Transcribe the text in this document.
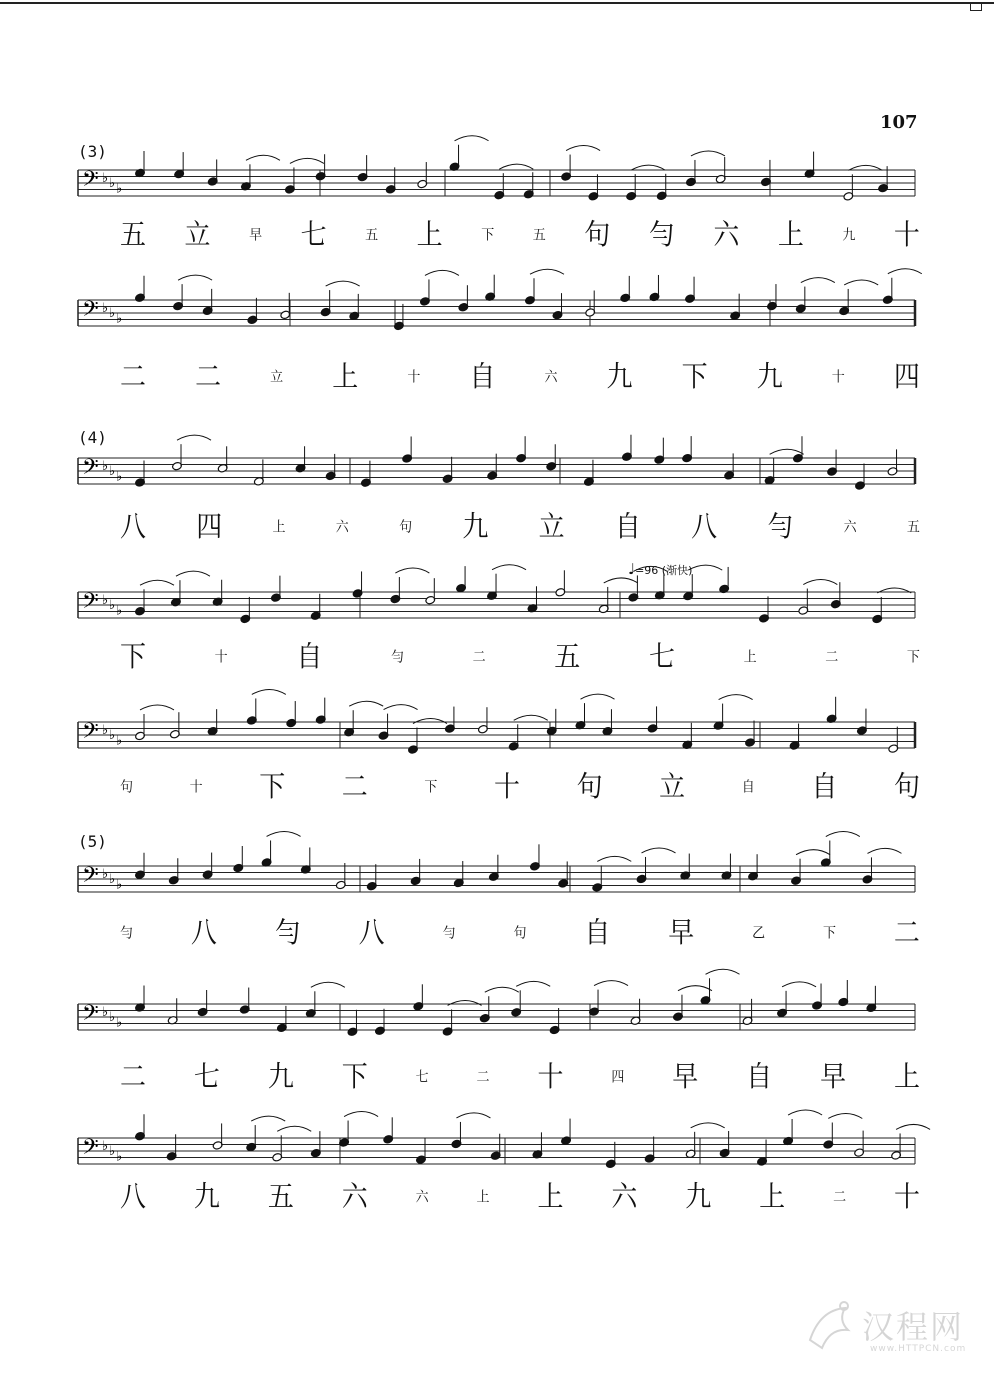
107
(3)
(4)
(5)
♩=96 (渐快)
𝄢 ♭ ♭ ♭
𝄢 ♭ ♭ ♭
𝄢 ♭ ♭ ♭
𝄢 ♭ ♭ ♭
𝄢 ♭ ♭ ♭
𝄢 ♭ ♭ ♭
𝄢 ♭ ♭ ♭
𝄢 ♭ ♭ ♭
五 立	早 七	五 上	下	五 句 勻 六 上	九 十
二 二	立 上	十 自	六 九 下 九	十 四
八 四	上	六	句 九 立 自 八 勻	六	五
下	十	自	勻	二	五	七	上	二	下
句	十 下 二	下 十 句 立	自 自 句
勻 八 勻 八	勻	句 自 早	乙	下 二
二 七 九 下	七	二 十	四 早 自 早 上
八 九 五 六	六	上 上 六 九 上	二 十
汉程网
www.HTTPCN.com
